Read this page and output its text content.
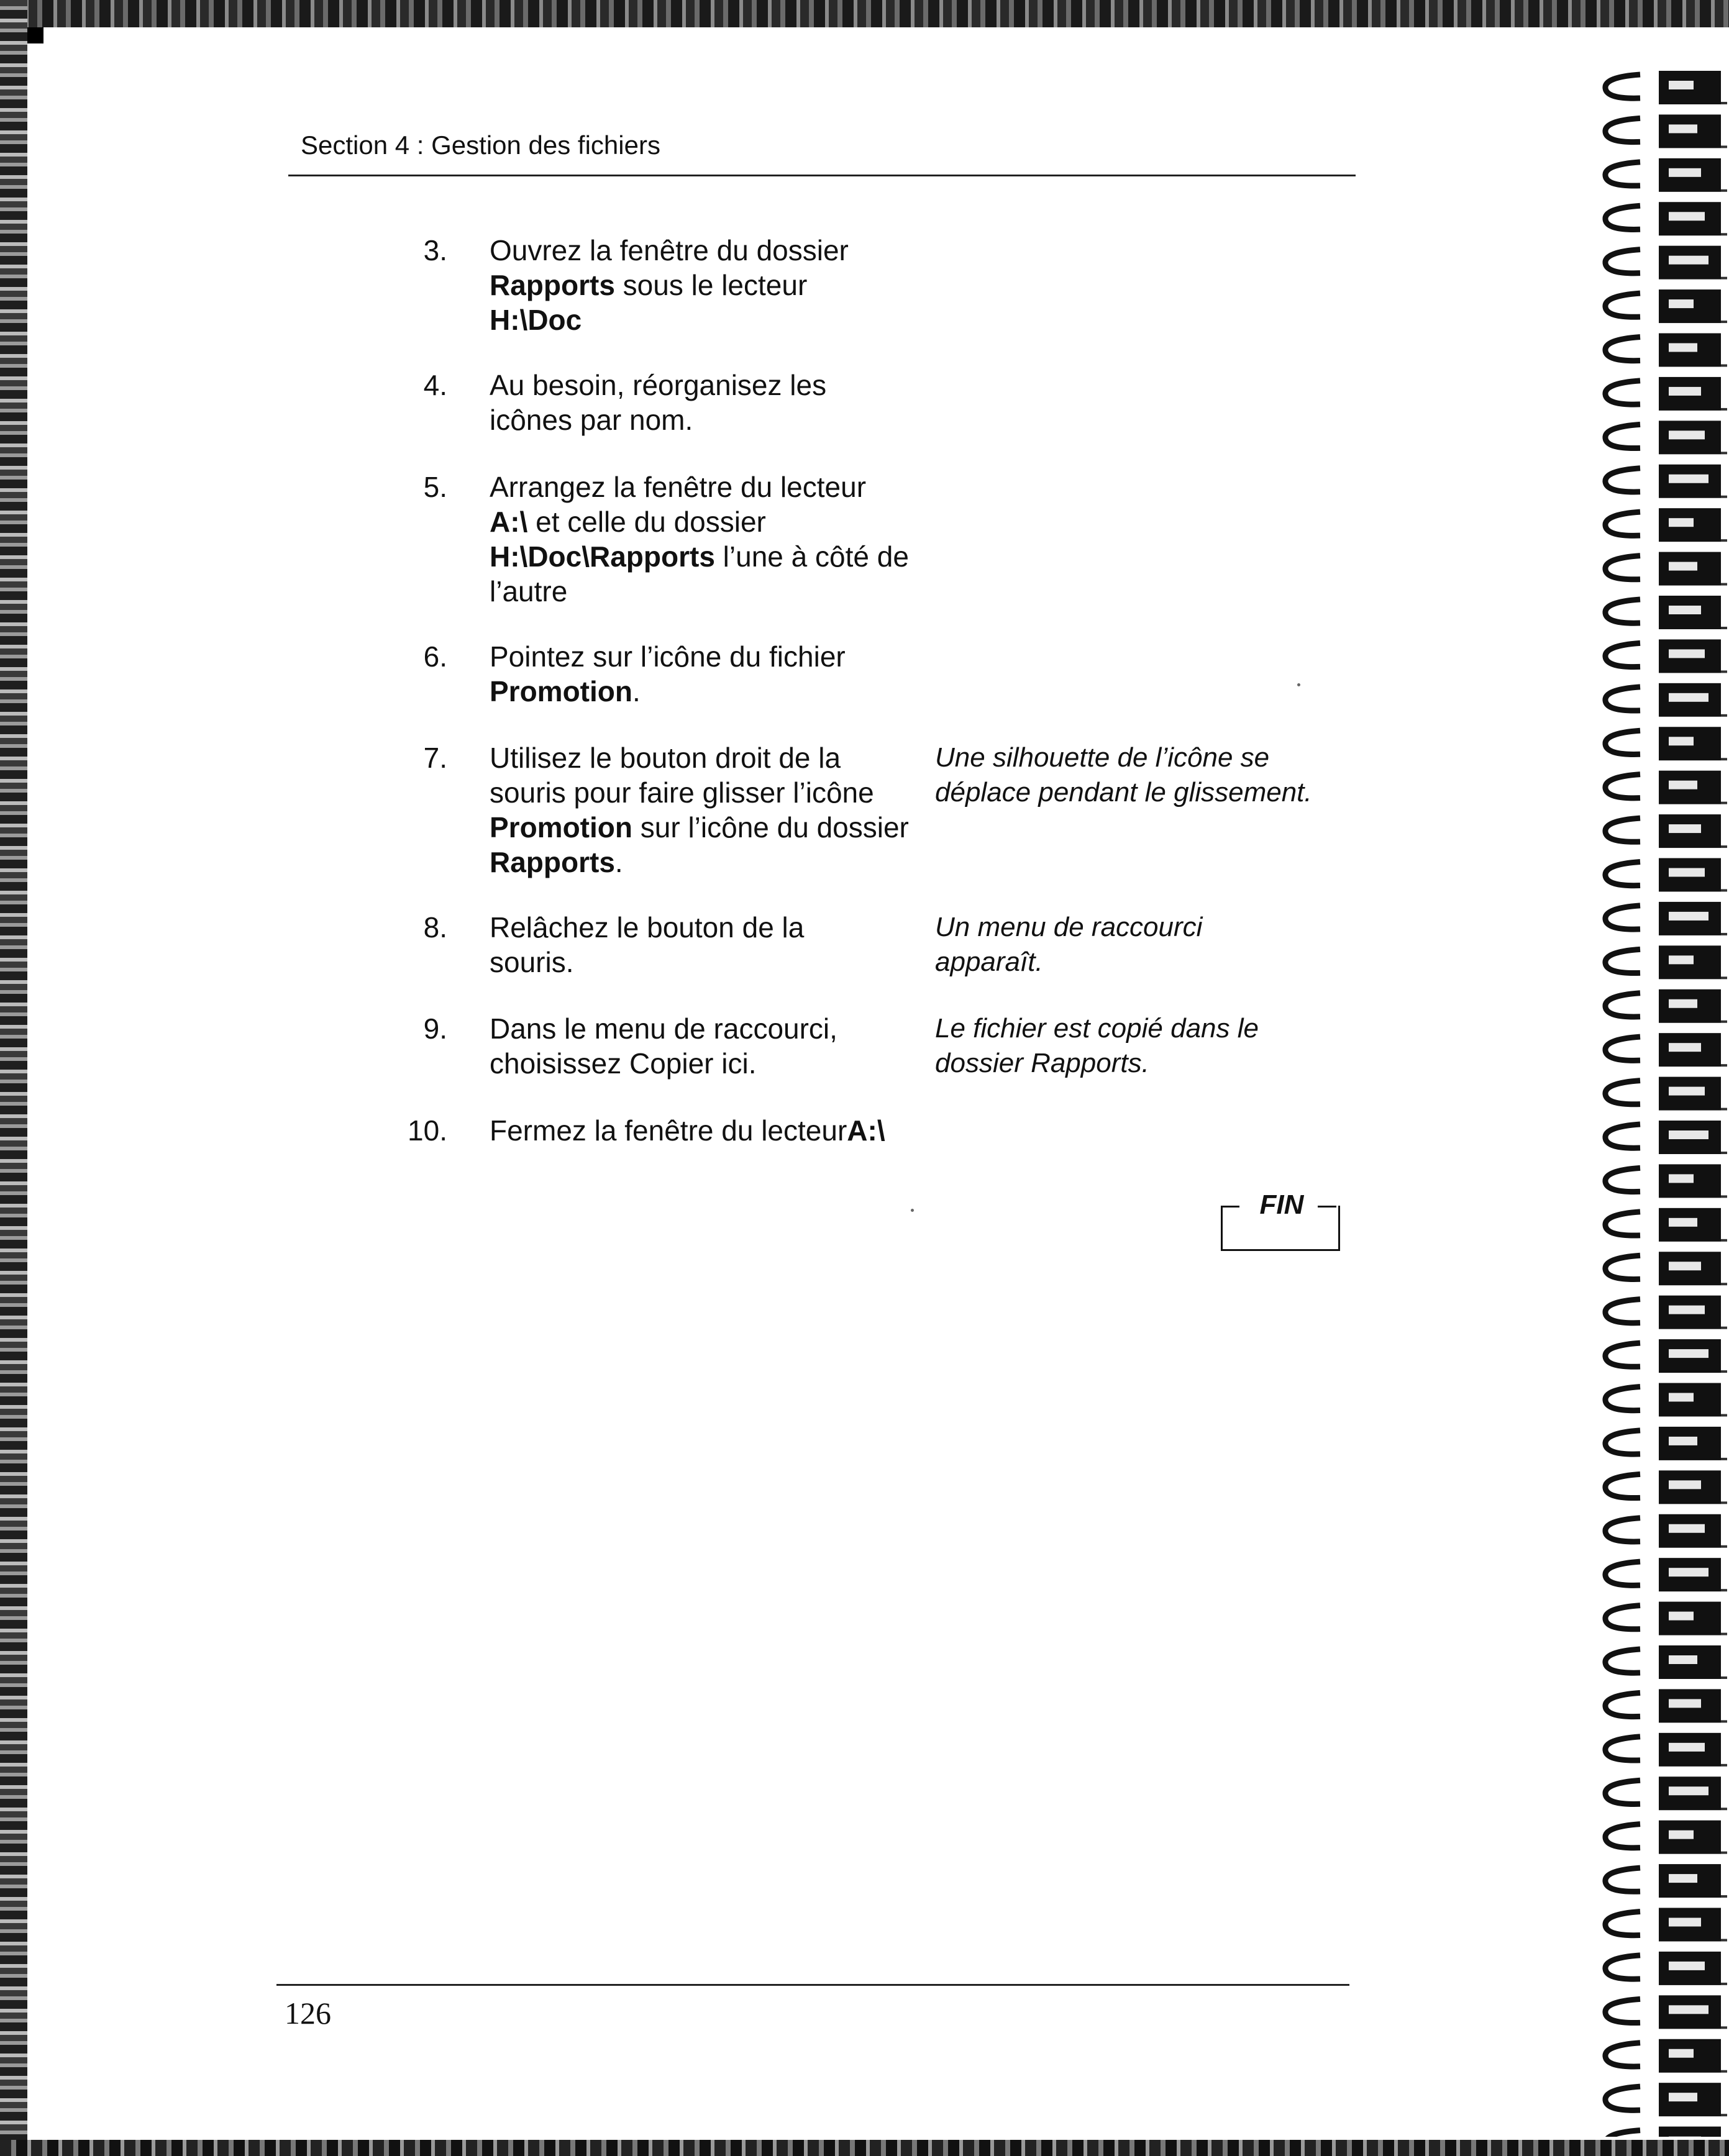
Section 4 : Gestion des fichiers
3. Ouvrez la fenêtre du dossier
Rapports sous le lecteur
H:\Doc
4. Au besoin, réorganisez les icônes par nom.
5. Arrangez la fenêtre du lecteur
A:\ et celle du dossier
H:\Doc\Rapports l’une à côté de l’autre
6. Pointez sur l’icône du fichier
Promotion.
7. Utilisez le bouton droit de la souris pour faire glisser l’icône
Promotion sur l’icône du dossier Rapports.
Une silhouette de l’icône se déplace pendant le glissement.
8. Relâchez le bouton de la souris.
Un menu de raccourci apparaît.
9. Dans le menu de raccourci, choisissez Copier ici.
Le fichier est copié dans le dossier Rapports.
10. Fermez la fenêtre du lecteurA:\
FIN
126
